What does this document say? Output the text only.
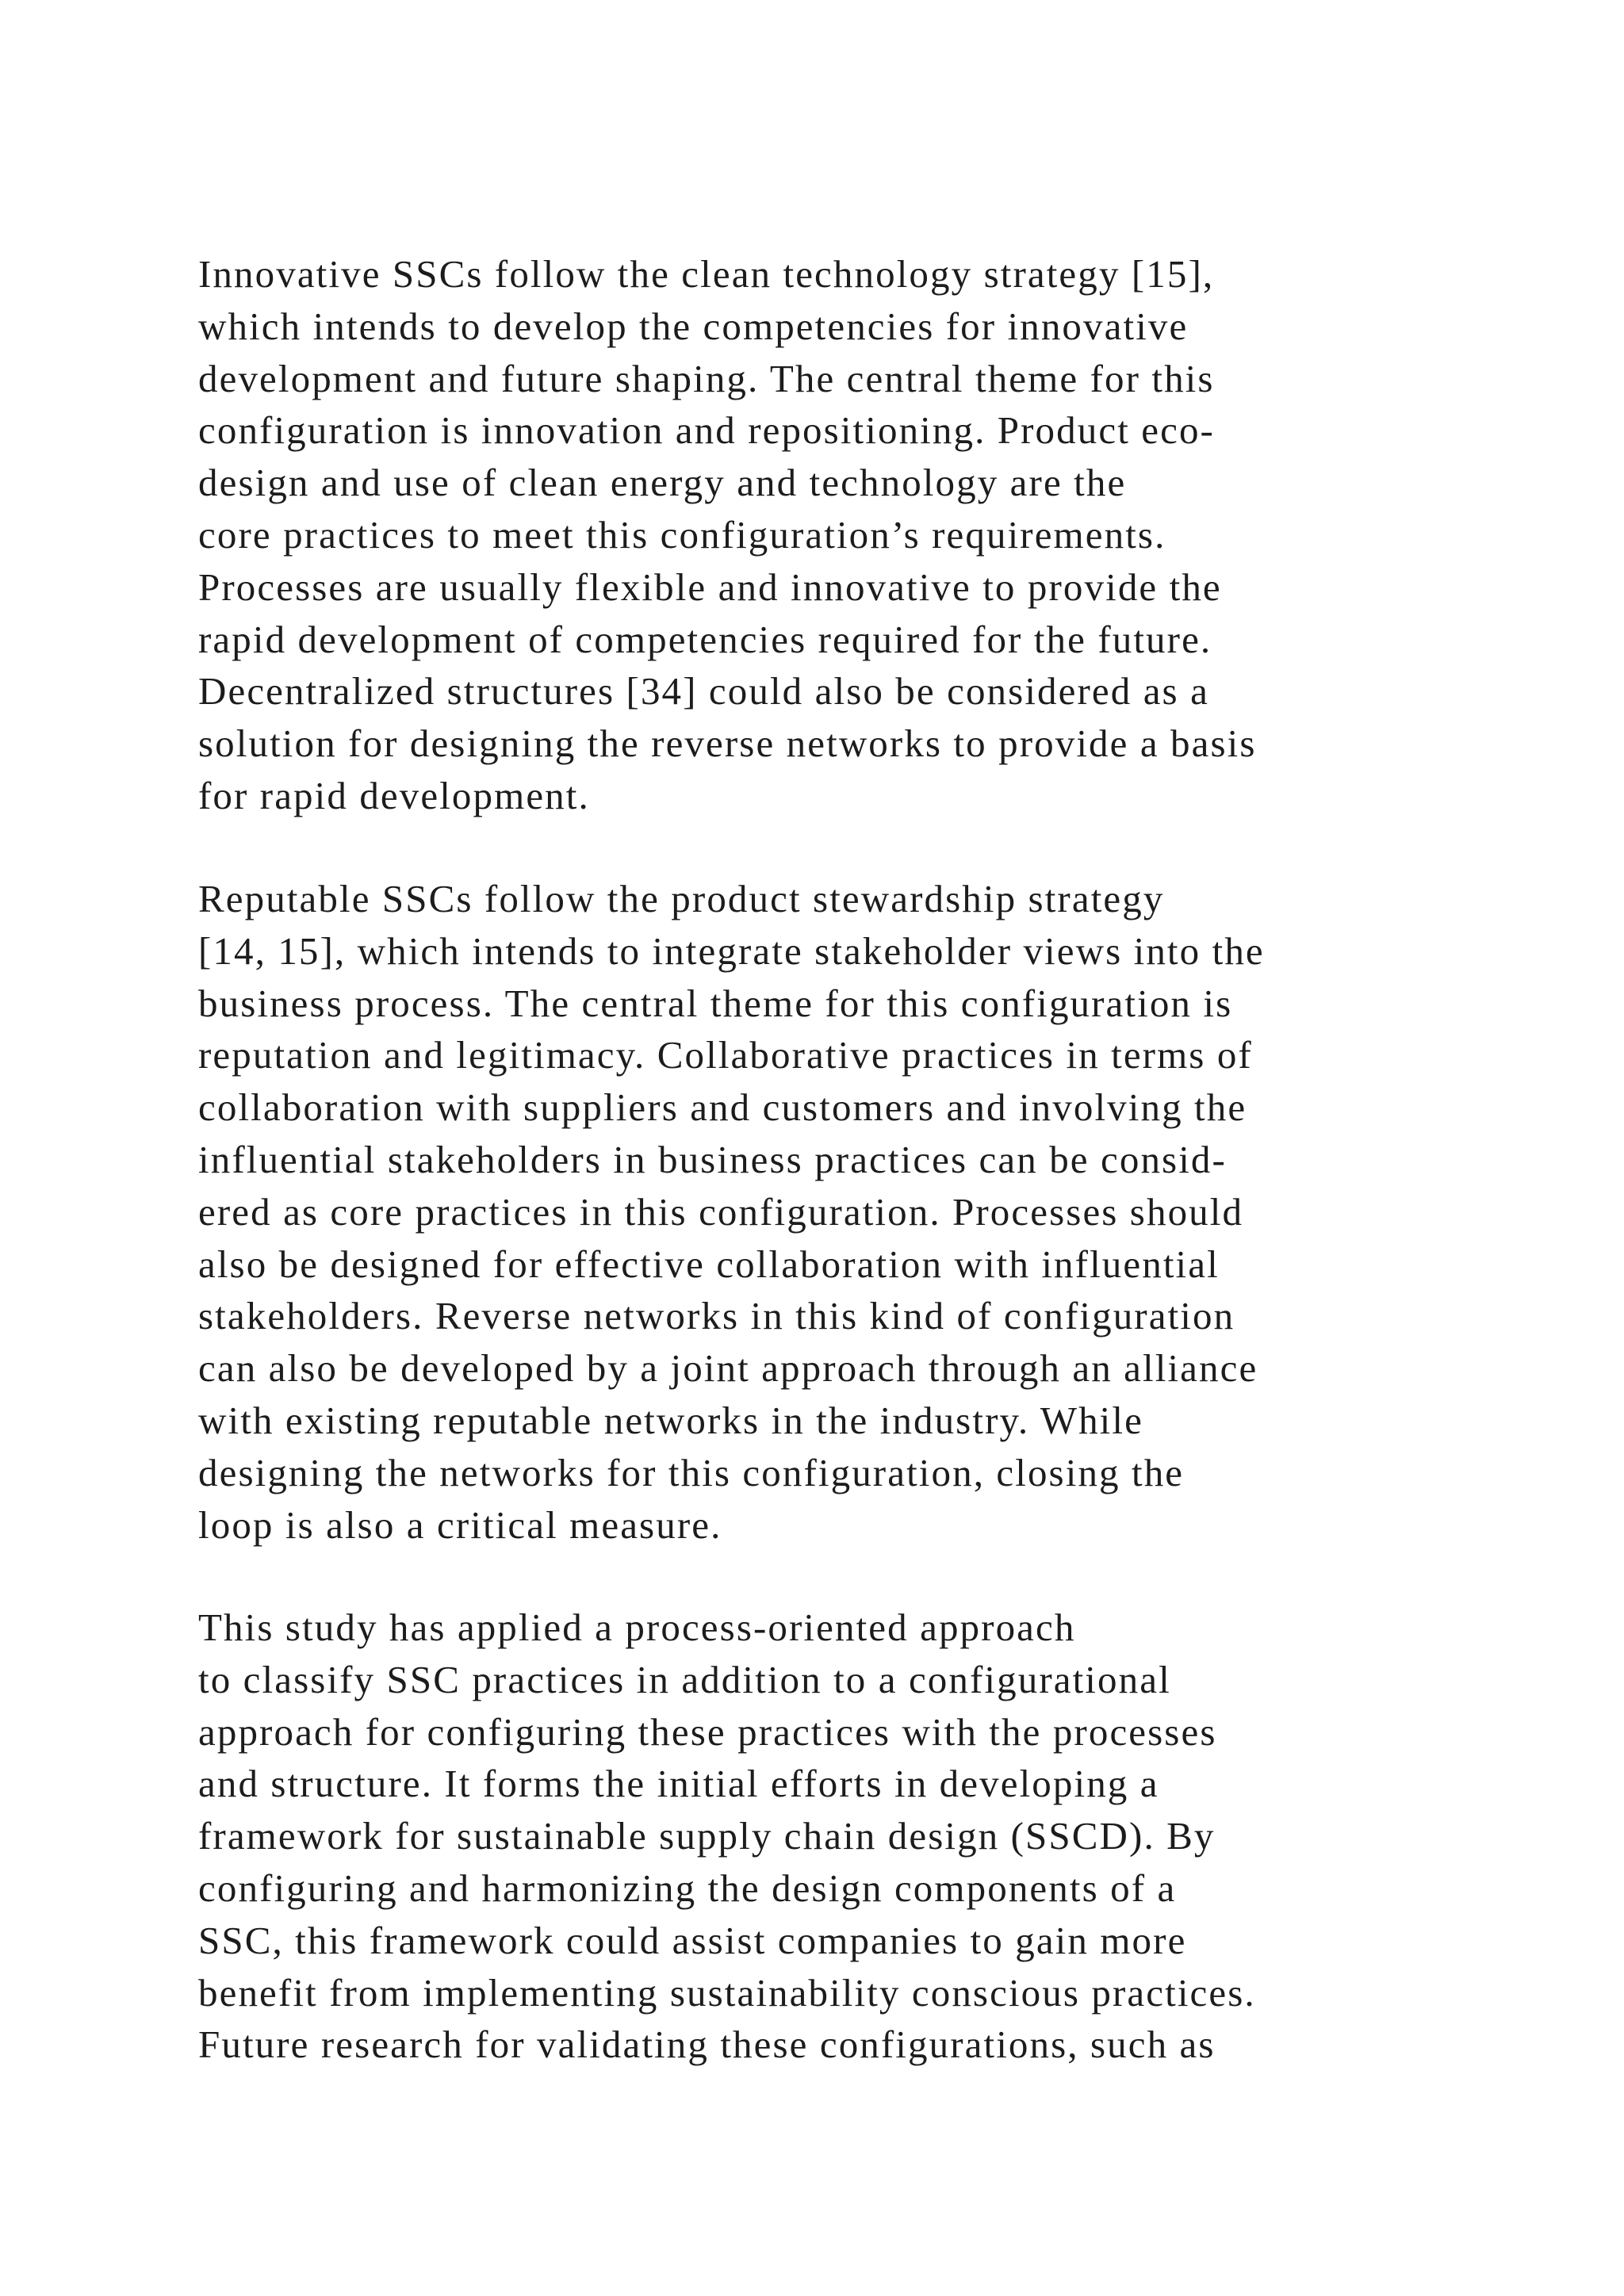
Innovative SSCs follow the clean technology strategy [15],
which intends to develop the competencies for innovative
development and future shaping. The central theme for this
configuration is innovation and repositioning. Product eco-
design and use of clean energy and technology are the
core practices to meet this configuration’s requirements.
Processes are usually flexible and innovative to provide the
rapid development of competencies required for the future.
Decentralized structures [34] could also be considered as a
solution for designing the reverse networks to provide a basis
for rapid development.
Reputable SSCs follow the product stewardship strategy
[14, 15], which intends to integrate stakeholder views into the
business process. The central theme for this configuration is
reputation and legitimacy. Collaborative practices in terms of
collaboration with suppliers and customers and involving the
influential stakeholders in business practices can be consid-
ered as core practices in this configuration. Processes should
also be designed for effective collaboration with influential
stakeholders. Reverse networks in this kind of configuration
can also be developed by a joint approach through an alliance
with existing reputable networks in the industry. While
designing the networks for this configuration, closing the
loop is also a critical measure.
This study has applied a process-oriented approach
to classify SSC practices in addition to a configurational
approach for configuring these practices with the processes
and structure. It forms the initial efforts in developing a
framework for sustainable supply chain design (SSCD). By
configuring and harmonizing the design components of a
SSC, this framework could assist companies to gain more
benefit from implementing sustainability conscious practices.
Future research for validating these configurations, such as
